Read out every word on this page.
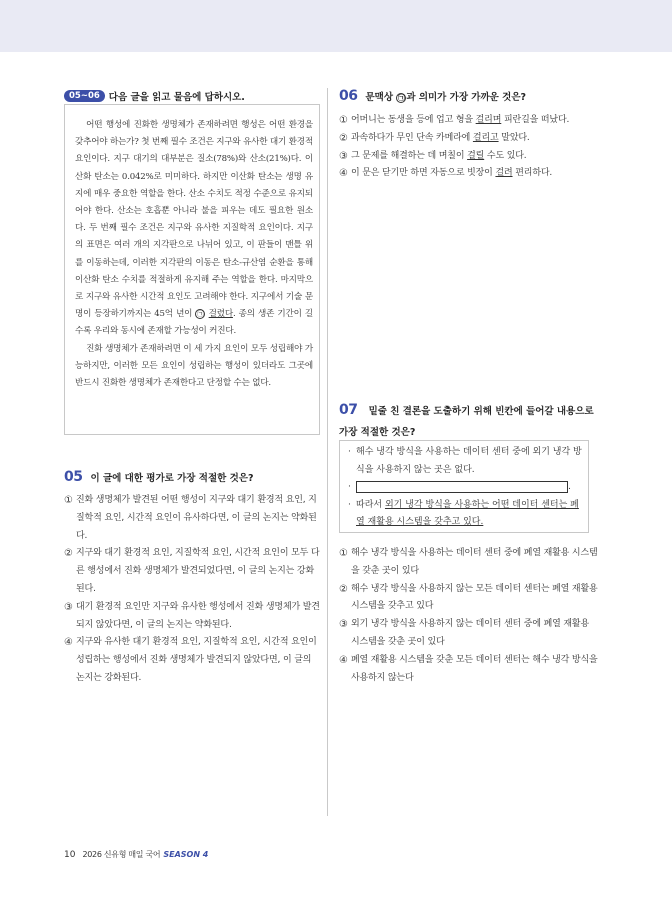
05~06 다음 글을 읽고 물음에 답하시오.

어떤 행성에 진화한 생명체가 존재하려면 행성은 어떤 환경을 갖추어야 하는가? 첫 번째 필수 조건은 지구와 유사한 대기 환경적 요인이다. 지구 대기의 대부분은 질소(78%)와 산소(21%)다. 이산화 탄소는 0.042%로 미미하다. 하지만 이산화 탄소는 생명 유지에 매우 중요한 역할을 한다. 산소 수치도 적정 수준으로 유지되어야 한다. 산소는 호흡뿐 아니라 불을 피우는 데도 필요한 원소다. 두 번째 필수 조건은 지구와 유사한 지질학적 요인이다. 지구의 표면은 여러 개의 지각판으로 나뉘어 있고, 이 판들이 맨틀 위를 이동하는데, 이러한 지각판의 이동은 탄소-규산염 순환을 통해 이산화 탄소 수치를 적절하게 유지해 주는 역할을 한다. 마지막으로 지구와 유사한 시간적 요인도 고려해야 한다. 지구에서 기술 문명이 등장하기까지는 45억 년이 ㉠ 걸렸다. 종의 생존 기간이 길수록 우리와 동시에 존재할 가능성이 커진다.

진화 생명체가 존재하려면 이 세 가지 요인이 모두 성립해야 가능하지만, 이러한 모든 요인이 성립하는 행성이 있더라도 그곳에 반드시 진화한 생명체가 존재한다고 단정할 수는 없다.

05 이 글에 대한 평가로 가장 적절한 것은?
① 진화 생명체가 발견된 어떤 행성이 지구와 대기 환경적 요인, 지질학적 요인, 시간적 요인이 유사하다면, 이 글의 논지는 약화된다.
② 지구와 대기 환경적 요인, 지질학적 요인, 시간적 요인이 모두 다른 행성에서 진화 생명체가 발견되었다면, 이 글의 논지는 강화된다.
③ 대기 환경적 요인만 지구와 유사한 행성에서 진화 생명체가 발견되지 않았다면, 이 글의 논지는 약화된다.
④ 지구와 유사한 대기 환경적 요인, 지질학적 요인, 시간적 요인이 성립하는 행성에서 진화 생명체가 발견되지 않았다면, 이 글의 논지는 강화된다.
06 문맥상 ㉠ 과 의미가 가장 가까운 것은?
① 어머니는 동생을 등에 업고 형을 걸리며 피란길을 떠났다.
② 과속하다가 무인 단속 카메라에 걸리고 말았다.
③ 그 문제를 해결하는 데 며칠이 걸릴 수도 있다.
④ 이 문은 닫기만 하면 자동으로 빗장이 걸려 편리하다.
07 밑줄 친 결론을 도출하기 위해 빈칸에 들어갈 내용으로 가장 적절한 것은?
· 해수 냉각 방식을 사용하는 데이터 센터 중에 외기 냉각 방식을 사용하지 않는 곳은 없다.
·	.
· 따라서 외기 냉각 방식을 사용하는 어떤 데이터 센터는 폐열 재활용 시스템을 갖추고 있다.
① 해수 냉각 방식을 사용하는 데이터 센터 중에 폐열 재활용 시스템을 갖춘 곳이 있다
② 해수 냉각 방식을 사용하지 않는 모든 데이터 센터는 폐열 재활용 시스템을 갖추고 있다
③ 외기 냉각 방식을 사용하지 않는 데이터 센터 중에 폐열 재활용 시스템을 갖춘 곳이 있다
④ 폐열 재활용 시스템을 갖춘 모든 데이터 센터는 해수 냉각 방식을 사용하지 않는다
10 2026 신유형 매일 국어 SEASON 4
